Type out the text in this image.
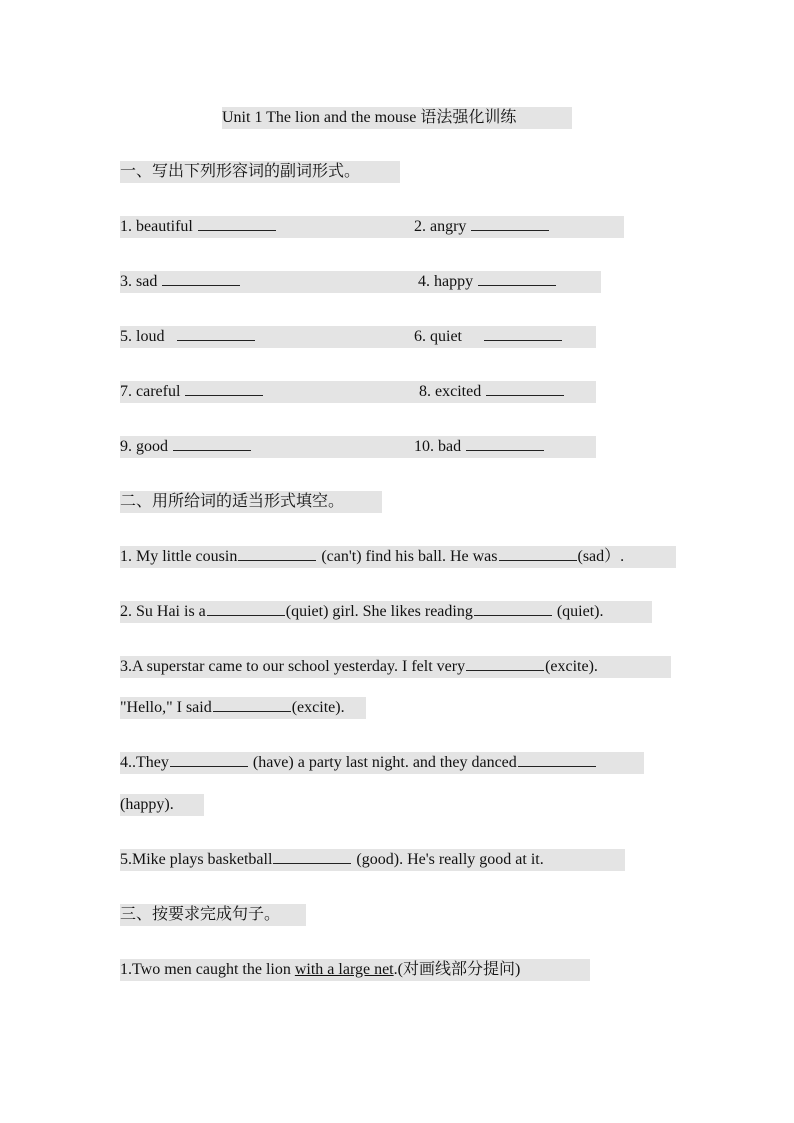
Unit 1 The lion and the mouse 语法强化训练
一、写出下列形容词的副词形式。
1. beautiful	2. angry
3. sad	4. happy
5. loud	6. quiet
7. careful	8. excited
9. good	10. bad
二、用所给词的适当形式填空。
1. My little cousin	(can't) find his ball. He was	(sad）.
2. Su Hai is a	(quiet) girl. She likes reading	(quiet).
3.A superstar came to our school yesterday. I felt very	(excite).
"Hello," I said	(excite).
4..They	(have) a party last night. and they danced
(happy).
5.Mike plays basketball	(good). He's really good at it.
三、按要求完成句子。
1.Two men caught the lion with a large net.(对画线部分提问)
